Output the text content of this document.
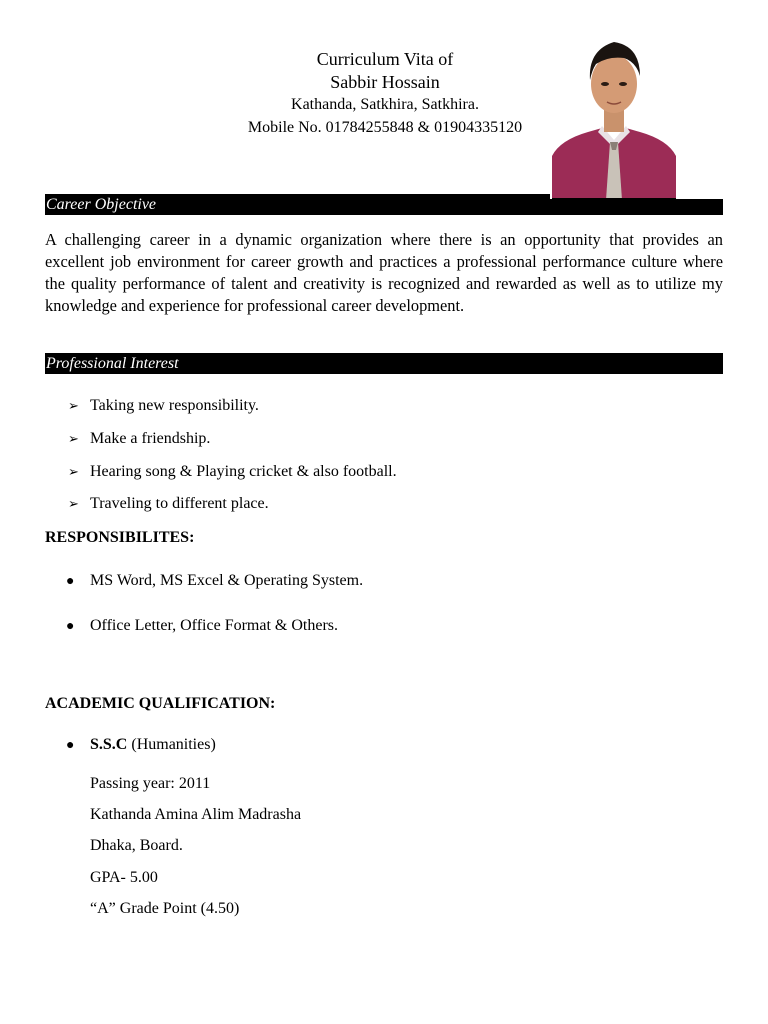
Curriculum Vita of
Sabbir Hossain
Kathanda, Satkhira, Satkhira.
Mobile No. 01784255848 & 01904335120
Career Objective
A challenging career in a dynamic organization where there is an opportunity that provides an excellent job environment for career growth and practices a professional performance culture where the quality performance of talent and creativity is recognized and rewarded as well as to utilize my knowledge and experience for professional career development.
Professional Interest
➢ Taking new responsibility.
➢ Make a friendship.
➢ Hearing song & Playing cricket & also football.
➢ Traveling to different place.
RESPONSIBILITES:
● MS Word, MS Excel & Operating System.
● Office Letter, Office Format & Others.
ACADEMIC QUALIFICATION:
● S.S.C (Humanities)
Passing year: 2011
Kathanda Amina Alim Madrasha
Dhaka, Board.
GPA- 5.00
“A” Grade Point (4.50)
